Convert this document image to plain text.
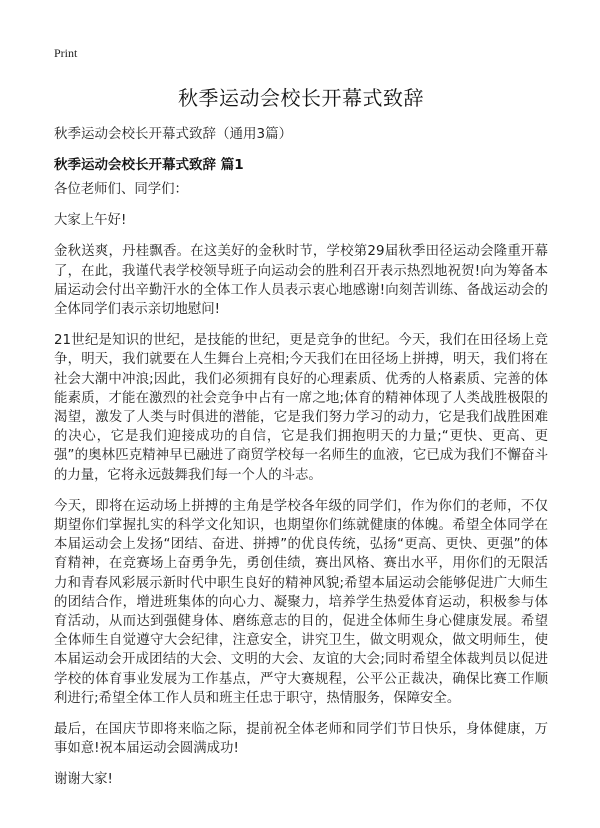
Print
秋季运动会校长开幕式致辞
秋季运动会校长开幕式致辞（通用3篇）
秋季运动会校长开幕式致辞 篇1

各位老师们、同学们：

大家上午好!

金秋送爽，丹桂飘香。在这美好的金秋时节，学校第29届秋季田径运动会隆重开幕了，在此，我谨代表学校领导班子向运动会的胜利召开表示热烈地祝贺!向为筹备本届运动会付出辛勤汗水的全体工作人员表示衷心地感谢!向刻苦训练、备战运动会的全体同学们表示亲切地慰问!

21世纪是知识的世纪，是技能的世纪，更是竞争的世纪。今天，我们在田径场上竞争，明天，我们就要在人生舞台上亮相;今天我们在田径场上拼搏，明天，我们将在社会大潮中冲浪;因此，我们必须拥有良好的心理素质、优秀的人格素质、完善的体能素质，才能在激烈的社会竞争中占有一席之地;体育的精神体现了人类战胜极限的渴望，激发了人类与时俱进的潜能，它是我们努力学习的动力，它是我们战胜困难的决心，它是我们迎接成功的自信，它是我们拥抱明天的力量;“更快、更高、更强”的奥林匹克精神早已融进了商贸学校每一名师生的血液，它已成为我们不懈奋斗的力量，它将永远鼓舞我们每一个人的斗志。

今天，即将在运动场上拼搏的主角是学校各年级的同学们，作为你们的老师，不仅期望你们掌握扎实的科学文化知识，也期望你们练就健康的体魄。希望全体同学在本届运动会上发扬“团结、奋进、拼搏”的优良传统，弘扬“更高、更快、更强”的体育精神，在竞赛场上奋勇争先，勇创佳绩，赛出风格、赛出水平，用你们的无限活力和青春风彩展示新时代中职生良好的精神风貌;希望本届运动会能够促进广大师生的团结合作，增进班集体的向心力、凝聚力，培养学生热爱体育运动，积极参与体育活动，从而达到强健身体、磨练意志的目的，促进全体师生身心健康发展。希望全体师生自觉遵守大会纪律，注意安全，讲究卫生，做文明观众，做文明师生，使本届运动会开成团结的大会、文明的大会、友谊的大会;同时希望全体裁判员以促进学校的体育事业发展为工作基点，严守大赛规程，公平公正裁决，确保比赛工作顺利进行;希望全体工作人员和班主任忠于职守，热情服务，保障安全。

最后，在国庆节即将来临之际，提前祝全体老师和同学们节日快乐，身体健康，万事如意!祝本届运动会圆满成功!

谢谢大家!
